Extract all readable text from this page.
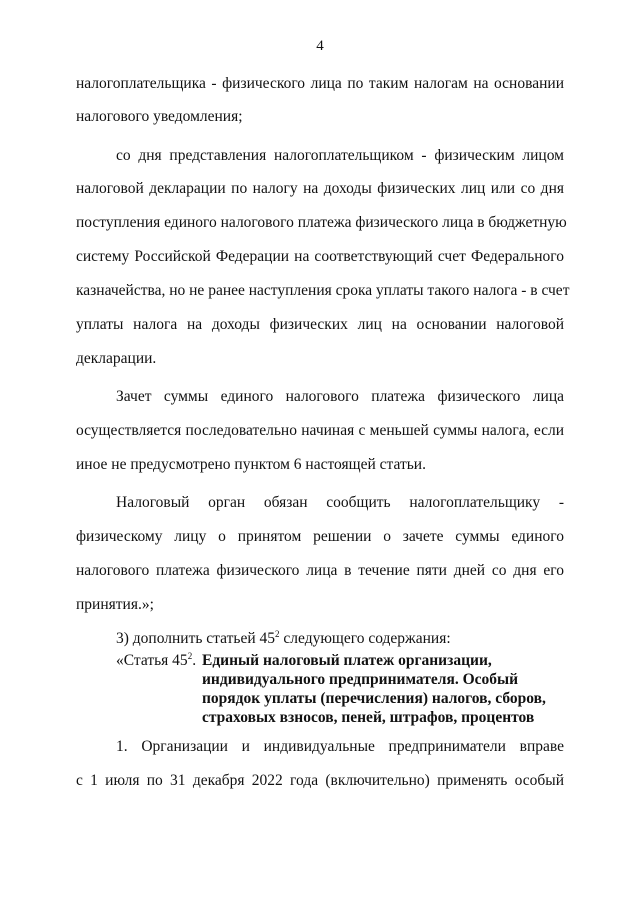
4
налогоплательщика - физического лица по таким налогам на основании
налогового уведомления;
со дня представления налогоплательщиком - физическим лицом
налоговой декларации по налогу на доходы физических лиц или со дня
поступления единого налогового платежа физического лица в бюджетную
систему Российской Федерации на соответствующий счет Федерального
казначейства, но не ранее наступления срока уплаты такого налога - в счет
уплаты налога на доходы физических лиц на основании налоговой
декларации.
Зачет суммы единого налогового платежа физического лица
осуществляется последовательно начиная с меньшей суммы налога, если
иное не предусмотрено пунктом 6 настоящей статьи.
Налоговый орган обязан сообщить налогоплательщику -
физическому лицу о принятом решении о зачете суммы единого
налогового платежа физического лица в течение пяти дней со дня его
принятия.»;
3) дополнить статьей $45^2$ следующего содержания:
1. Организации и индивидуальные предприниматели вправе
с 1 июля по 31 декабря 2022 года (включительно) применять особый
«Статья $45^2$. Единый налоговый платеж организации,
индивидуального предпринимателя. Особый
порядок уплаты (перечисления) налогов, сборов,
страховых взносов, пеней, штрафов, процентов
